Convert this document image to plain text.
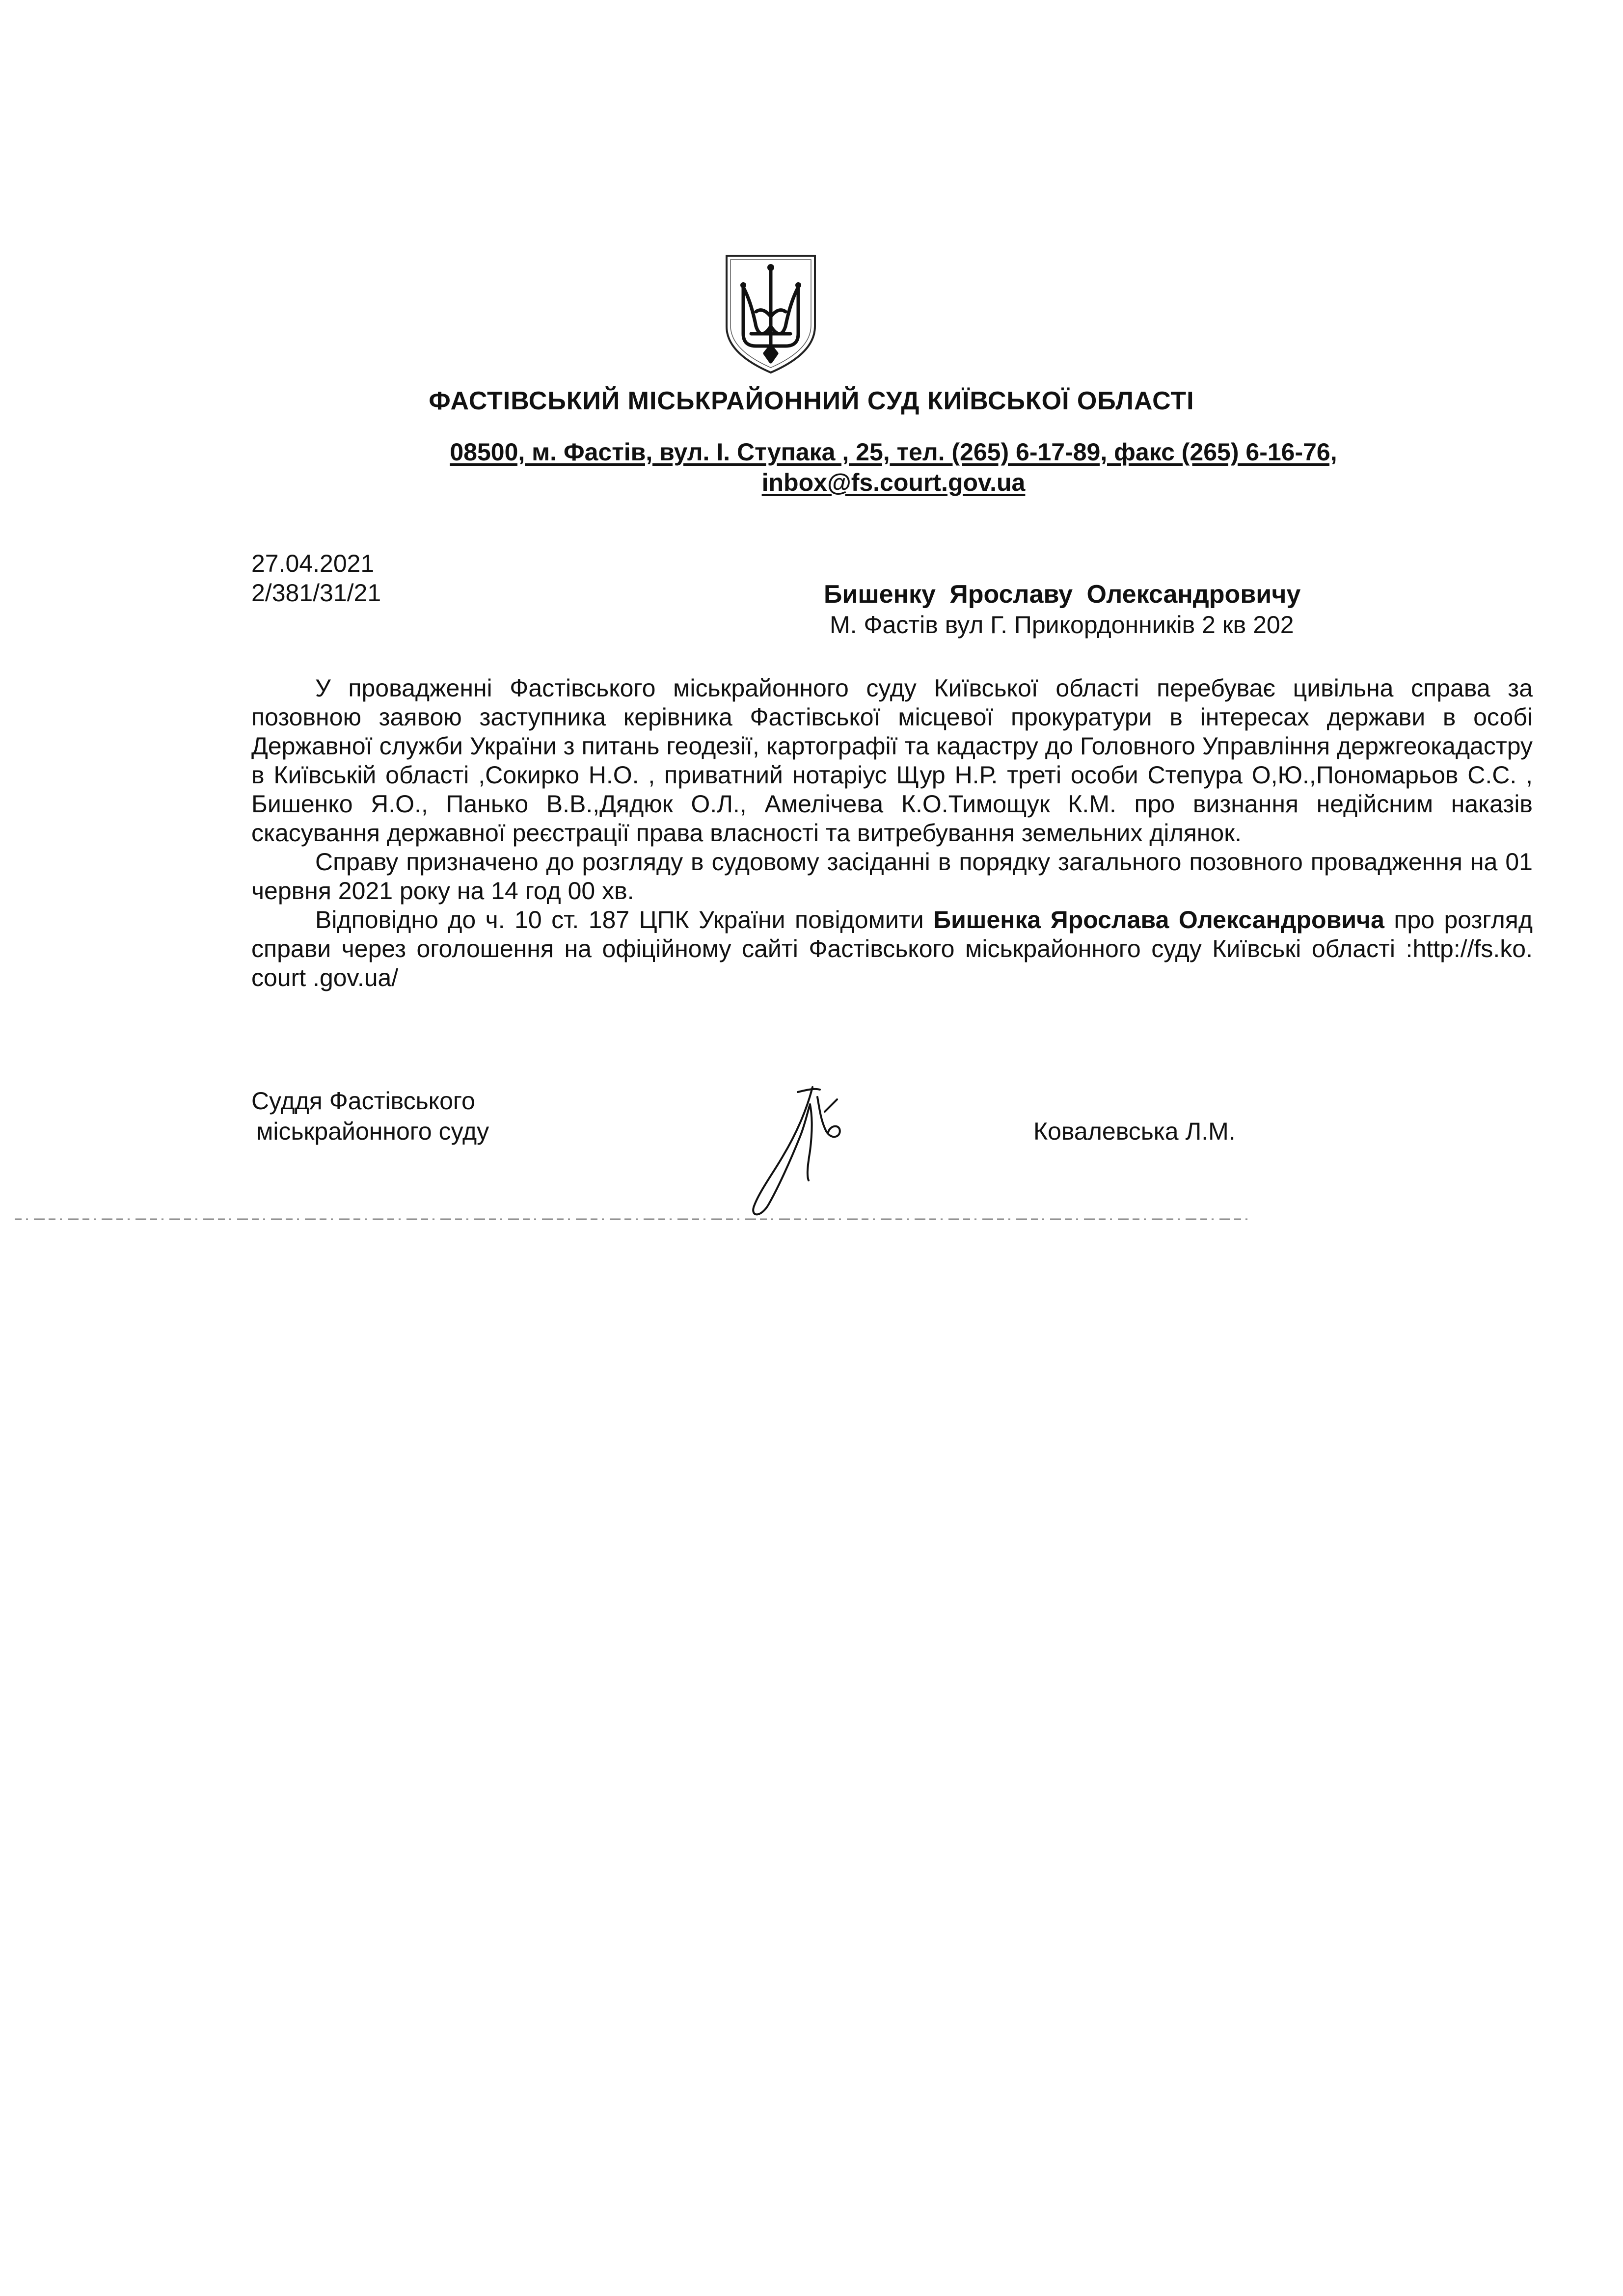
ФАСТІВСЬКИЙ МІСЬКРАЙОННИЙ СУД КИЇВСЬКОЇ ОБЛАСТІ
08500, м. Фастів, вул. І. Ступака , 25, тел. (265) 6-17-89, факс (265) 6-16-76,
inbox@fs.court.gov.ua
27.04.2021
2/381/31/21	Бишенку Ярославу Олександровичу
М. Фастів вул Г. Прикордонників 2 кв 202

У провадженні Фастівського міськрайонного суду Київської області перебуває цивільна справа за позовною заявою заступника керівника Фастівської місцевої прокуратури в інтересах держави в особі Державної служби України з питань геодезії, картографії та кадастру до Головного Управління держгеокадастру в Київській області ,Сокирко Н.О. , приватний нотаріус Щур Н.Р. треті особи Степура О,Ю.,Пономарьов С.С. , Бишенко Я.О., Панько В.В.,Дядюк О.Л., Амелічева К.О.Тимощук К.М. про визнання недійсним наказів скасування державної реєстрації права власності та витребування земельних ділянок.

Справу призначено до розгляду в судовому засіданні в порядку загального позовного провадження на 01 червня 2021 року на 14 год 00 хв.

Відповідно до ч. 10 ст. 187 ЦПК України повідомити Бишенка Ярослава Олександровича про розгляд справи через оголошення на офіційному сайті Фастівського міськрайонного суду Київські області :http://fs.ko. court .gov.ua/

Суддя Фастівського
міськрайонного суду	Ковалевська Л.М.
